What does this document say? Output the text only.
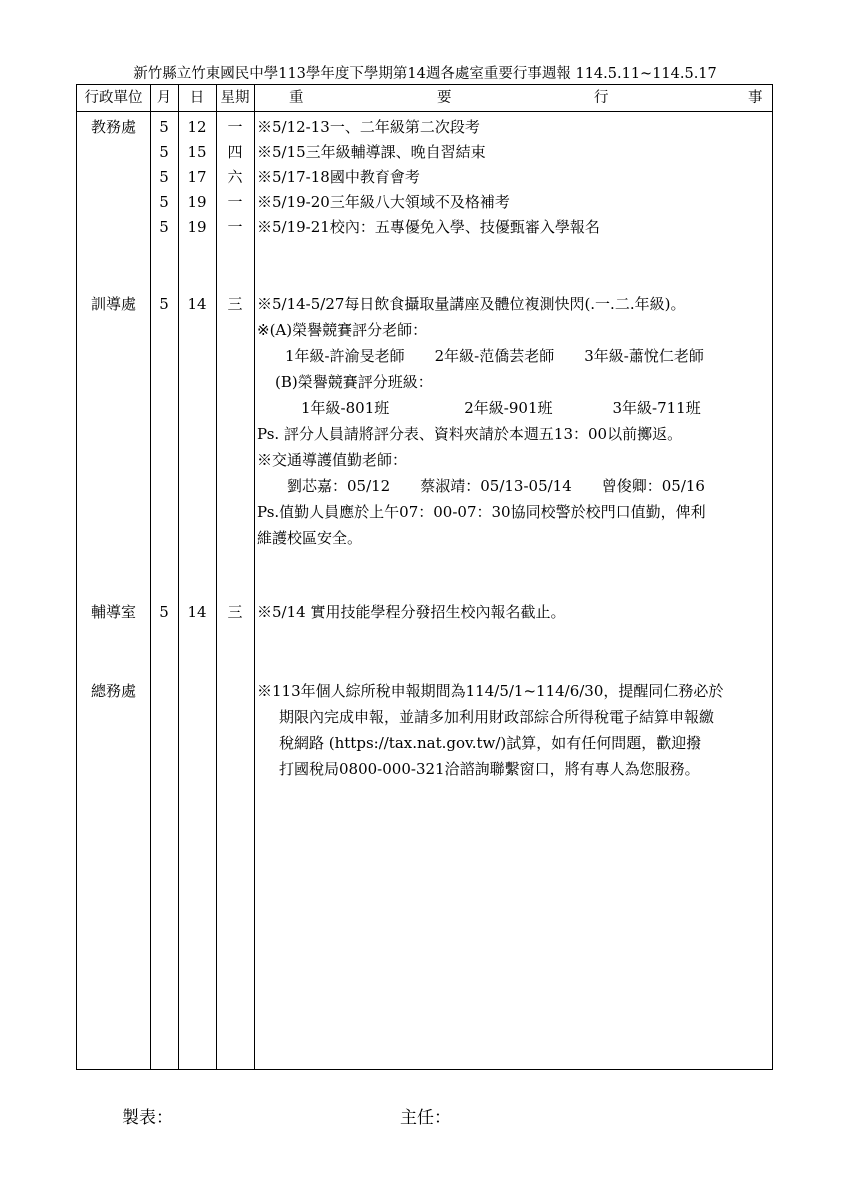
新竹縣立竹東國民中學113學年度下學期第14週各處室重要行事週報 114.5.11~114.5.17
行政單位 月	日	星期	重	要	行	事
教務處	5	12	一 ※5/12-13一、二年級第二次段考
5	15	四 ※5/15三年級輔導課、晚自習結束
5	17	六 ※5/17-18國中教育會考
5	19	一 ※5/19-20三年級八大領域不及格補考
5	19	一 ※5/19-21校內：五專優免入學、技優甄審入學報名
訓導處	5	14	三 ※5/14-5/27每日飲食攝取量講座及體位複測快閃(.一.二.年級)。
※(A)榮譽競賽評分老師：
1年級-許渝旻老師　　2年級-范僑芸老師　　3年級-蕭悅仁老師
(B)榮譽競賽評分班級：
1年級-801班　　　　　2年級-901班　　　　3年級-711班
Ps. 評分人員請將評分表、資料夾請於本週五13：00以前擲返。
※交通導護值勤老師：
劉芯嘉：05/12　　蔡淑靖：05/13-05/14　　曾俊卿：05/16
Ps.值勤人員應於上午07：00-07：30協同校警於校門口值勤，俾利
維護校區安全。
輔導室	5	14	三 ※5/14 實用技能學程分發招生校內報名截止。
總務處	※113年個人綜所稅申報期間為114/5/1~114/6/30，提醒同仁務必於
期限內完成申報，並請多加利用財政部綜合所得稅電子結算申報繳
稅網路 (https://tax.nat.gov.tw/)試算，如有任何問題，歡迎撥
打國稅局0800-000-321洽諮詢聯繫窗口，將有專人為您服務。
製表：	主任：
